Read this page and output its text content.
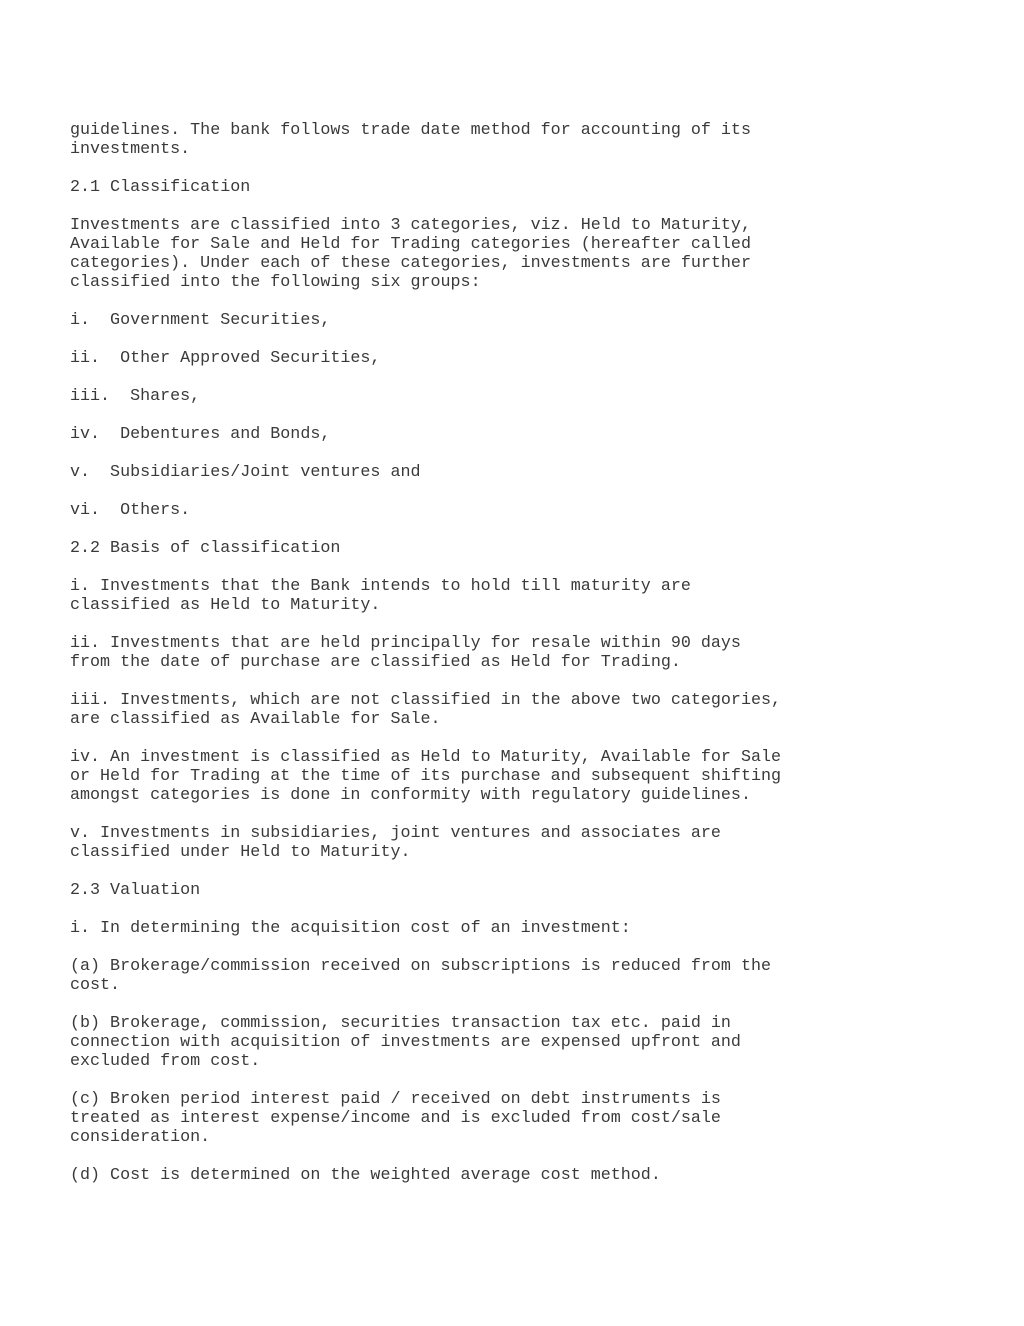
guidelines. The bank follows trade date method for accounting of its
investments.

2.1 Classification

Investments are classified into 3 categories, viz. Held to Maturity,
Available for Sale and Held for Trading categories (hereafter called
categories). Under each of these categories, investments are further
classified into the following six groups:

i.  Government Securities,

ii.  Other Approved Securities,

iii.  Shares,

iv.  Debentures and Bonds,

v.  Subsidiaries/Joint ventures and

vi.  Others.

2.2 Basis of classification

i. Investments that the Bank intends to hold till maturity are
classified as Held to Maturity.

ii. Investments that are held principally for resale within 90 days
from the date of purchase are classified as Held for Trading.

iii. Investments, which are not classified in the above two categories,
are classified as Available for Sale.

iv. An investment is classified as Held to Maturity, Available for Sale
or Held for Trading at the time of its purchase and subsequent shifting
amongst categories is done in conformity with regulatory guidelines.

v. Investments in subsidiaries, joint ventures and associates are
classified under Held to Maturity.

2.3 Valuation

i. In determining the acquisition cost of an investment:

(a) Brokerage/commission received on subscriptions is reduced from the
cost.

(b) Brokerage, commission, securities transaction tax etc. paid in
connection with acquisition of investments are expensed upfront and
excluded from cost.

(c) Broken period interest paid / received on debt instruments is
treated as interest expense/income and is excluded from cost/sale
consideration.

(d) Cost is determined on the weighted average cost method.
